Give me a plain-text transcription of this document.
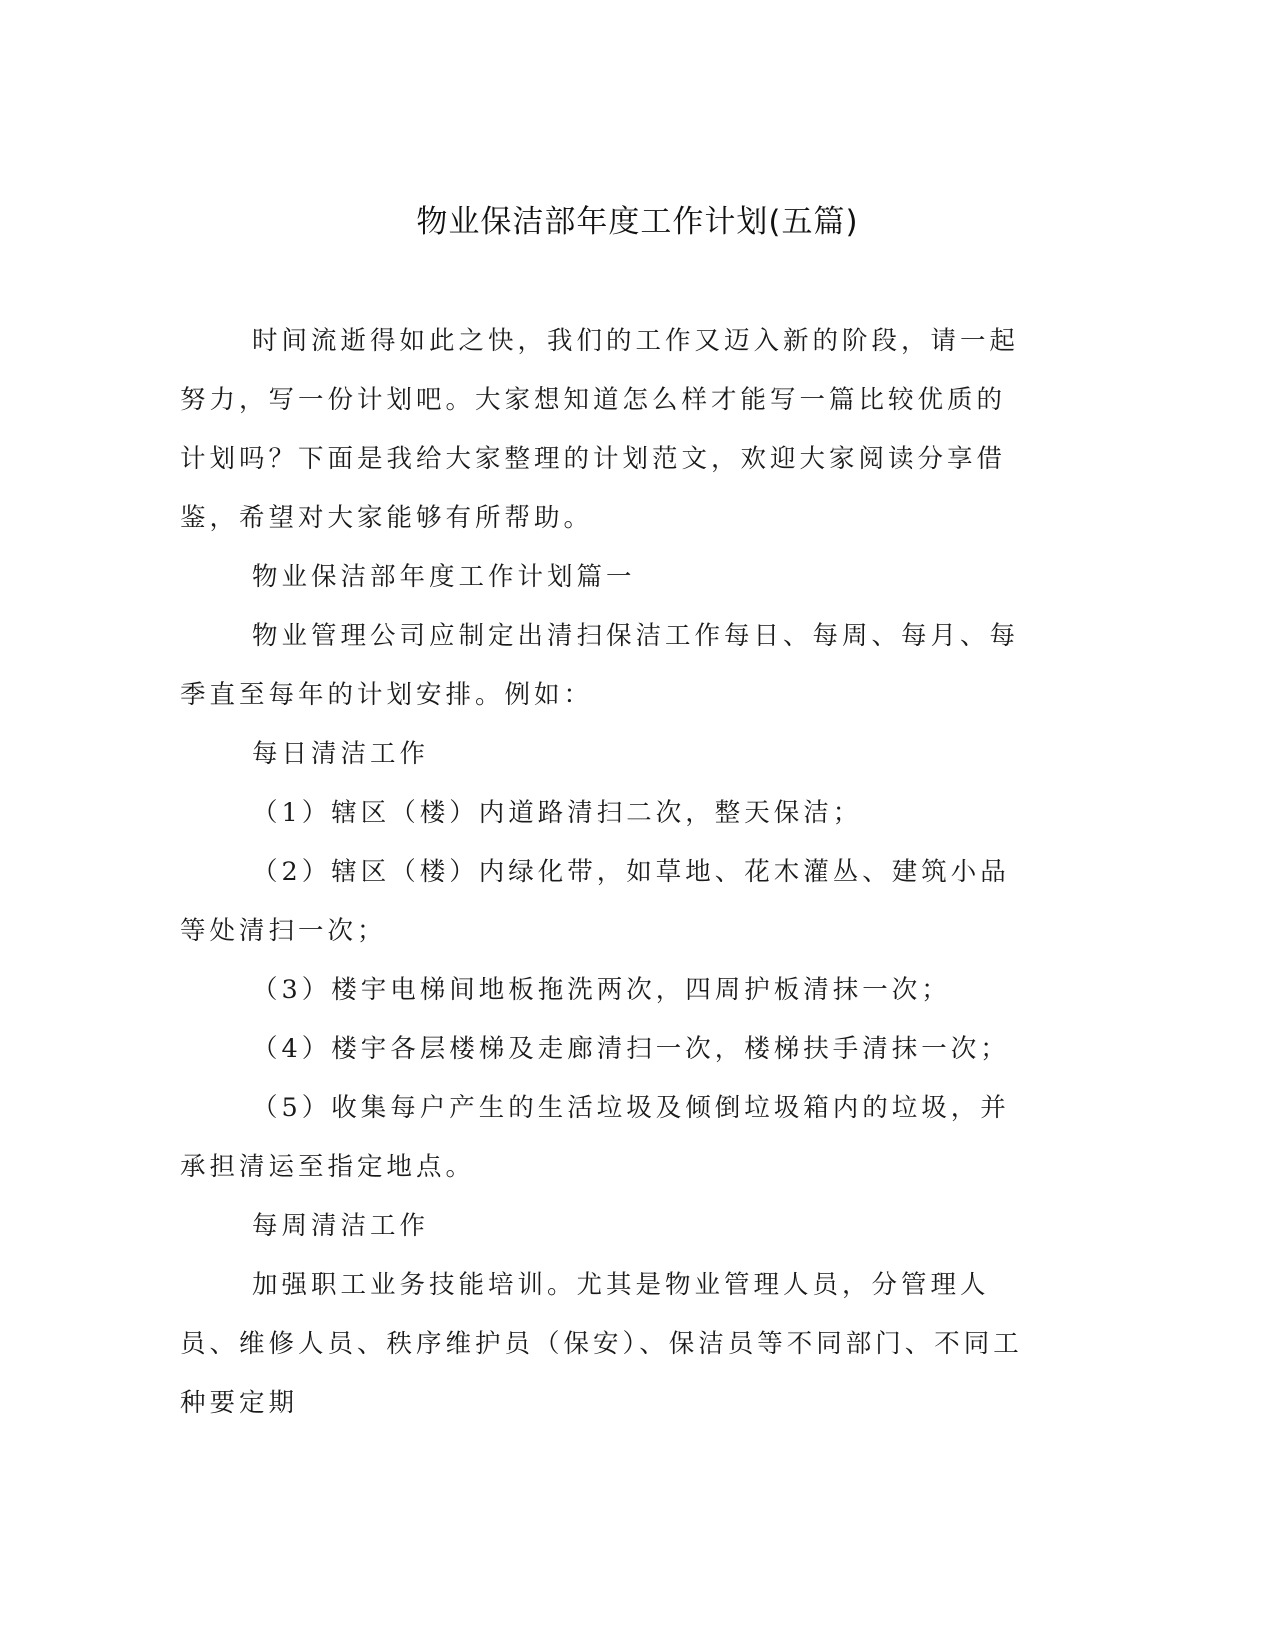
物业保洁部年度工作计划(五篇)

时间流逝得如此之快，我们的工作又迈入新的阶段，请一起努力，写一份计划吧。大家想知道怎么样才能写一篇比较优质的计划吗？下面是我给大家整理的计划范文，欢迎大家阅读分享借鉴，希望对大家能够有所帮助。

物业保洁部年度工作计划篇一

物业管理公司应制定出清扫保洁工作每日、每周、每月、每季直至每年的计划安排。例如：

每日清洁工作

（1）辖区（楼）内道路清扫二次，整天保洁；

（2）辖区（楼）内绿化带，如草地、花木灌丛、建筑小品等处清扫一次；

（3）楼宇电梯间地板拖洗两次，四周护板清抹一次；

（4）楼宇各层楼梯及走廊清扫一次，楼梯扶手清抹一次；

（5）收集每户产生的生活垃圾及倾倒垃圾箱内的垃圾，并承担清运至指定地点。

每周清洁工作

加强职工业务技能培训。尤其是物业管理人员，分管理人员、维修人员、秩序维护员（保安）、保洁员等不同部门、不同工种要定期
